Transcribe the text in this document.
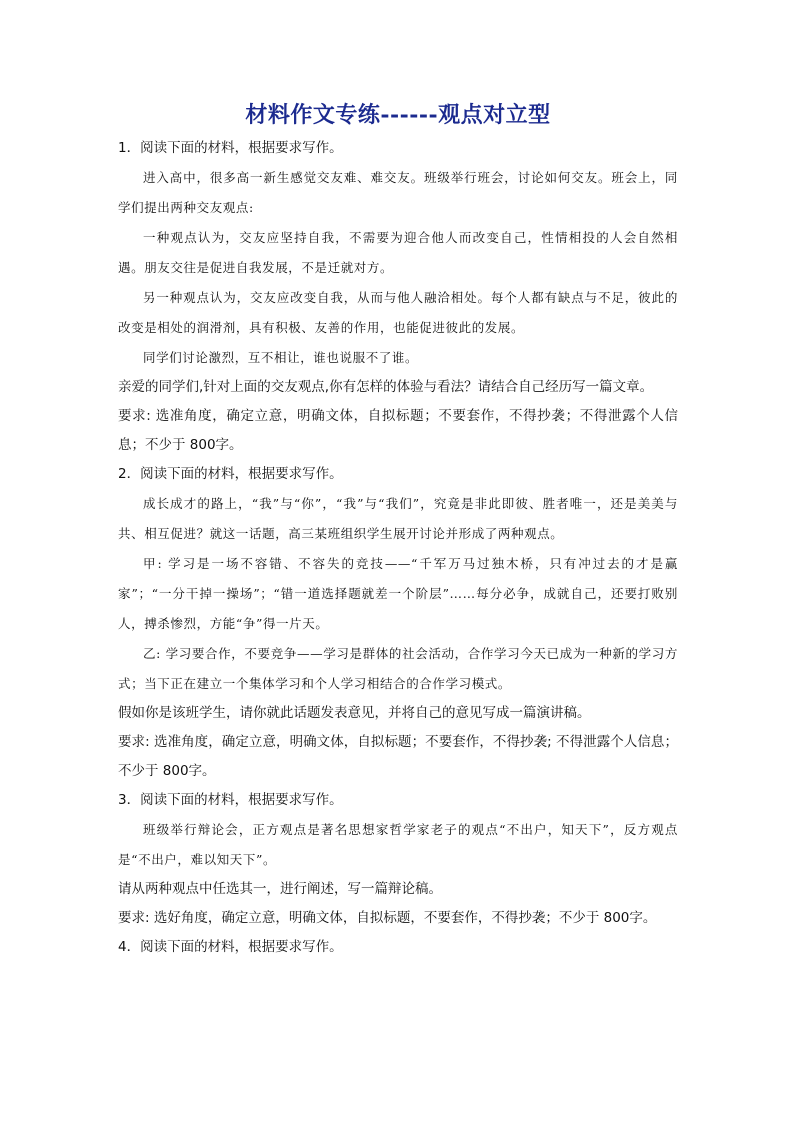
材料作文专练------观点对立型

1．阅读下面的材料，根据要求写作。

进入高中，很多高一新生感觉交友难、难交友。班级举行班会，讨论如何交友。班会上，同学们提出两种交友观点:

一种观点认为，交友应坚持自我，不需要为迎合他人而改变自己，性情相投的人会自然相遇。朋友交往是促进自我发展，不是迁就对方。

另一种观点认为，交友应改变自我，从而与他人融洽相处。每个人都有缺点与不足，彼此的改变是相处的润滑剂，具有积极、友善的作用，也能促进彼此的发展。

同学们讨论激烈，互不相让，谁也说服不了谁。

亲爱的同学们,针对上面的交友观点,你有怎样的体验与看法？请结合自己经历写一篇文章。

要求: 选准角度，确定立意，明确文体，自拟标题；不要套作，不得抄袭；不得泄露个人信息；不少于 800字。

2．阅读下面的材料，根据要求写作。

成长成才的路上，“我”与“你”，“我”与“我们”，究竟是非此即彼、胜者唯一，还是美美与共、相互促进？就这一话题，高三某班组织学生展开讨论并形成了两种观点。

甲: 学习是一场不容错、不容失的竞技——“千军万马过独木桥，只有冲过去的才是赢家”；“一分干掉一操场”；“错一道选择题就差一个阶层”……每分必争，成就自己，还要打败别人，搏杀惨烈，方能“争”得一片天。

乙: 学习要合作，不要竞争——学习是群体的社会活动，合作学习今天已成为一种新的学习方式；当下正在建立一个集体学习和个人学习相结合的合作学习模式。

假如你是该班学生，请你就此话题发表意见，并将自己的意见写成一篇演讲稿。

要求: 选准角度，确定立意，明确文体，自拟标题；不要套作，不得抄袭; 不得泄露个人信息；不少于 800字。

3．阅读下面的材料，根据要求写作。

班级举行辩论会，正方观点是著名思想家哲学家老子的观点“不出户，知天下”，反方观点是“不出户，难以知天下”。

请从两种观点中任选其一，进行阐述，写一篇辩论稿。

要求: 选好角度，确定立意，明确文体，自拟标题，不要套作，不得抄袭；不少于 800字。

4．阅读下面的材料，根据要求写作。
